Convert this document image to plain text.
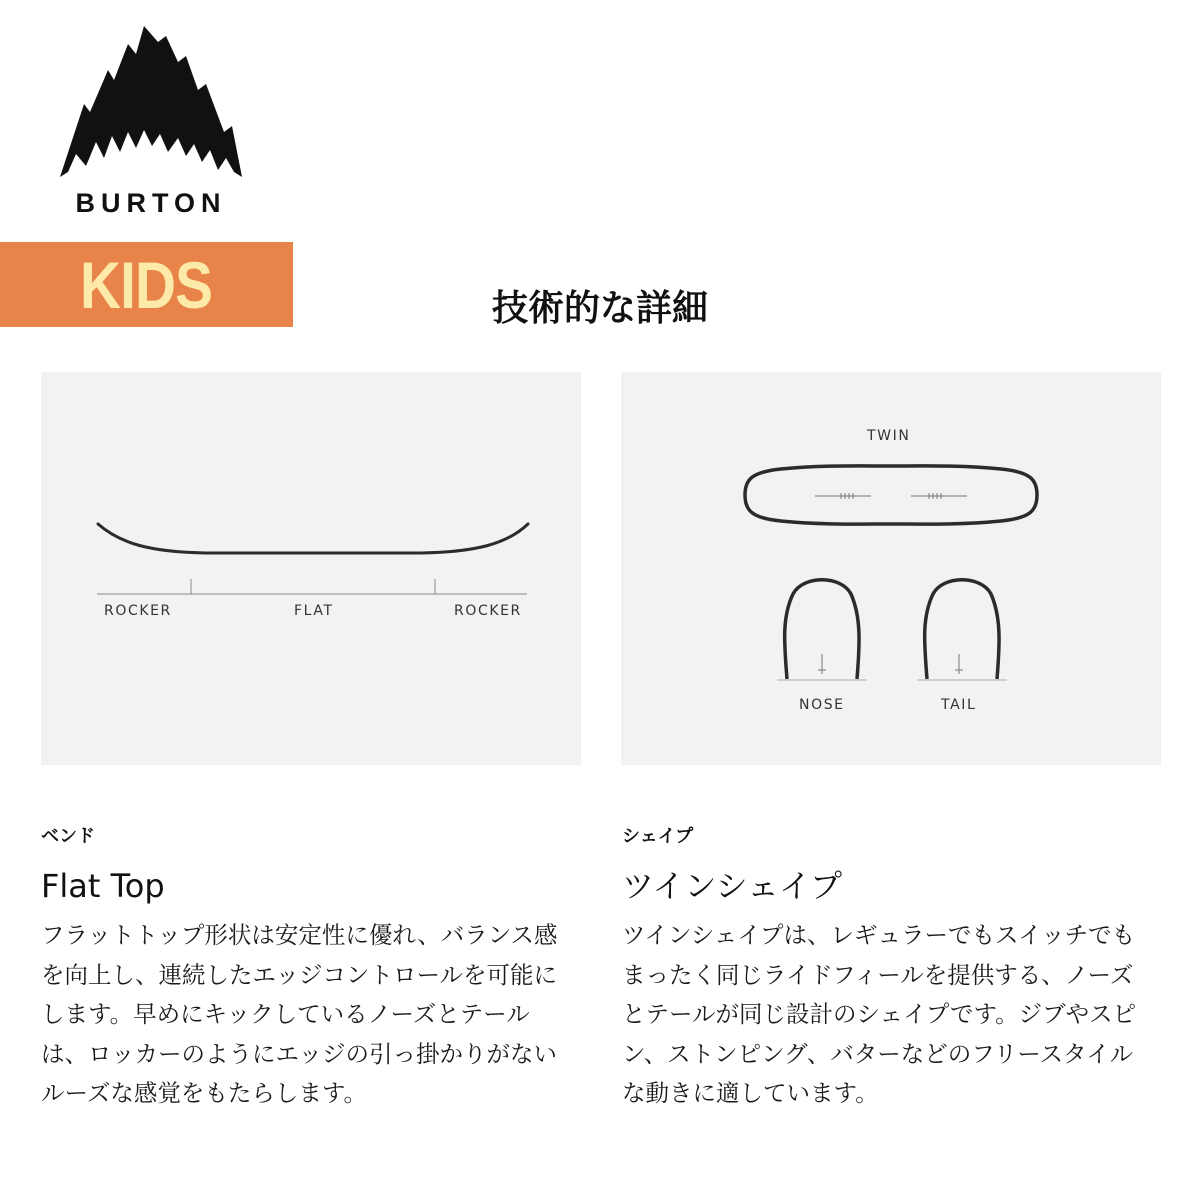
BURTON
KIDS	技術的な詳細
ROCKER	FLAT	ROCKER
TWIN
NOSE	TAIL
ベンド
Flat Top
フラットトップ形状は安定性に優れ、バランス感を向上し、連続したエッジコントロールを可能にします。早めにキックしているノーズとテールは、ロッカーのようにエッジの引っ掛かりがないルーズな感覚をもたらします。
シェイプ
ツインシェイプ
ツインシェイプは、レギュラーでもスイッチでもまったく同じライドフィールを提供する、ノーズとテールが同じ設計のシェイプです。ジブやスピン、ストンピング、バターなどのフリースタイルな動きに適しています。
